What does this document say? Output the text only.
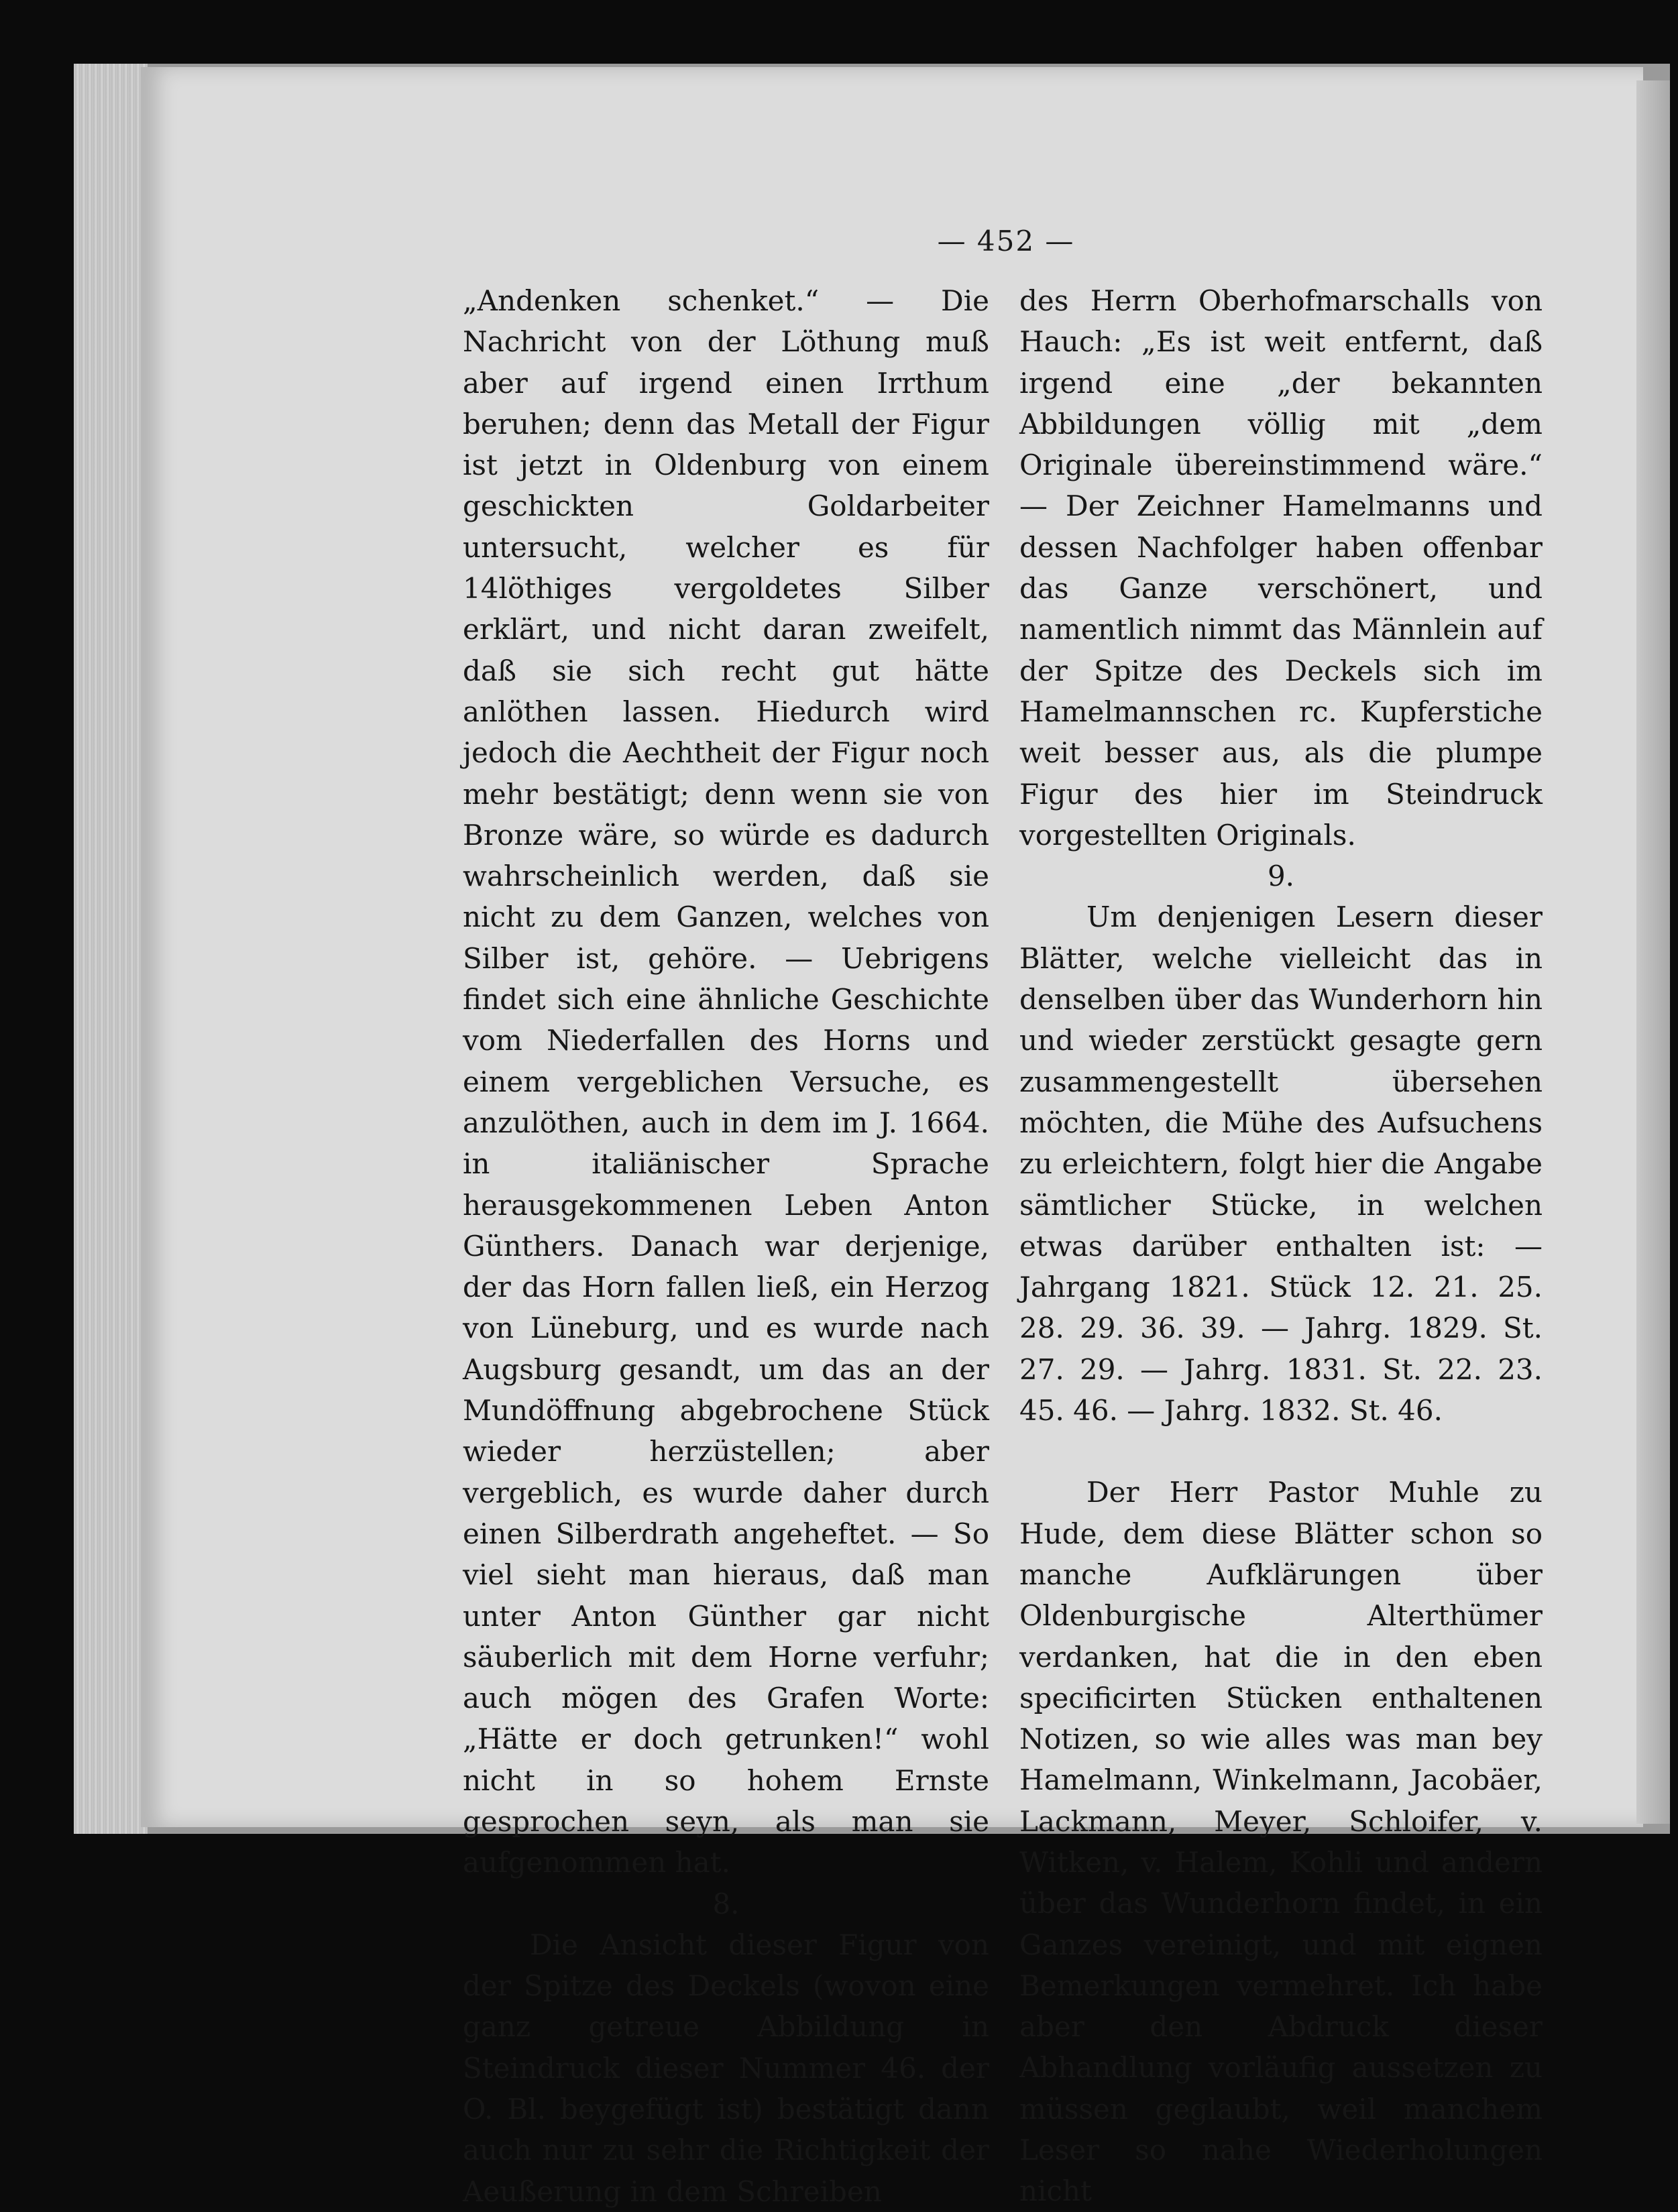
— 452 —

„Andenken schenket.“ — Die Nachricht von der Löthung muß aber auf irgend einen Irrthum beruhen; denn das Metall der Figur ist jetzt in Oldenburg von einem geschickten Goldarbeiter untersucht, welcher es für 14löthiges vergoldetes Silber erklärt, und nicht daran zweifelt, daß sie sich recht gut hätte anlöthen lassen. Hiedurch wird jedoch die Aechtheit der Figur noch mehr bestätigt; denn wenn sie von Bronze wäre, so würde es dadurch wahrscheinlich werden, daß sie nicht zu dem Ganzen, welches von Silber ist, gehöre. — Uebrigens findet sich eine ähnliche Geschichte vom Niederfallen des Horns und einem vergeblichen Versuche, es anzulöthen, auch in dem im J. 1664. in italiänischer Sprache herausgekommenen Leben Anton Günthers. Danach war derjenige, der das Horn fallen ließ, ein Herzog von Lüneburg, und es wurde nach Augsburg gesandt, um das an der Mundöffnung abgebrochene Stück wieder herzüstellen; aber vergeblich, es wurde daher durch einen Silberdrath angeheftet. — So viel sieht man hieraus, daß man unter Anton Günther gar nicht säuberlich mit dem Horne verfuhr; auch mögen des Grafen Worte: „Hätte er doch getrunken!“ wohl nicht in so hohem Ernste gesprochen seyn, als man sie aufgenommen hat.

8.

Die Ansicht dieser Figur von der Spitze des Deckels (wovon eine ganz getreue Abbildung in Steindruck dieser Nummer 46. der O. Bl. beygefügt ist) bestätigt dann auch nur zu sehr die Richtigkeit der Aeußerung in dem Schreiben

des Herrn Oberhofmarschalls von Hauch: „Es ist weit entfernt, daß irgend eine „der bekannten Abbildungen völlig mit „dem Originale übereinstimmend wäre.“ — Der Zeichner Hamelmanns und dessen Nachfolger haben offenbar das Ganze verschönert, und namentlich nimmt das Männlein auf der Spitze des Deckels sich im Hamelmannschen rc. Kupferstiche weit besser aus, als die plumpe Figur des hier im Steindruck vorgestellten Originals.

9.

Um denjenigen Lesern dieser Blätter, welche vielleicht das in denselben über das Wunderhorn hin und wieder zerstückt gesagte gern zusammengestellt übersehen möchten, die Mühe des Aufsuchens zu erleichtern, folgt hier die Angabe sämtlicher Stücke, in welchen etwas darüber enthalten ist: — Jahrgang 1821. Stück 12. 21. 25. 28. 29. 36. 39. — Jahrg. 1829. St. 27. 29. — Jahrg. 1831. St. 22. 23. 45. 46. — Jahrg. 1832. St. 46.

Der Herr Pastor Muhle zu Hude, dem diese Blätter schon so manche Aufklärungen über Oldenburgische Alterthümer verdanken, hat die in den eben specificirten Stücken enthaltenen Notizen, so wie alles was man bey Hamelmann, Winkelmann, Jacobäer, Lackmann, Meyer, Schloifer, v. Witken, v. Halem, Kohli und andern über das Wunderhorn findet, in ein Ganzes vereinigt, und mit eignen Bemerkungen vermehret. Ich habe aber den Abdruck dieser Abhandlung vorläufig aussetzen zu müssen geglaubt, weil manchem Leser so nahe Wiederholungen nicht
